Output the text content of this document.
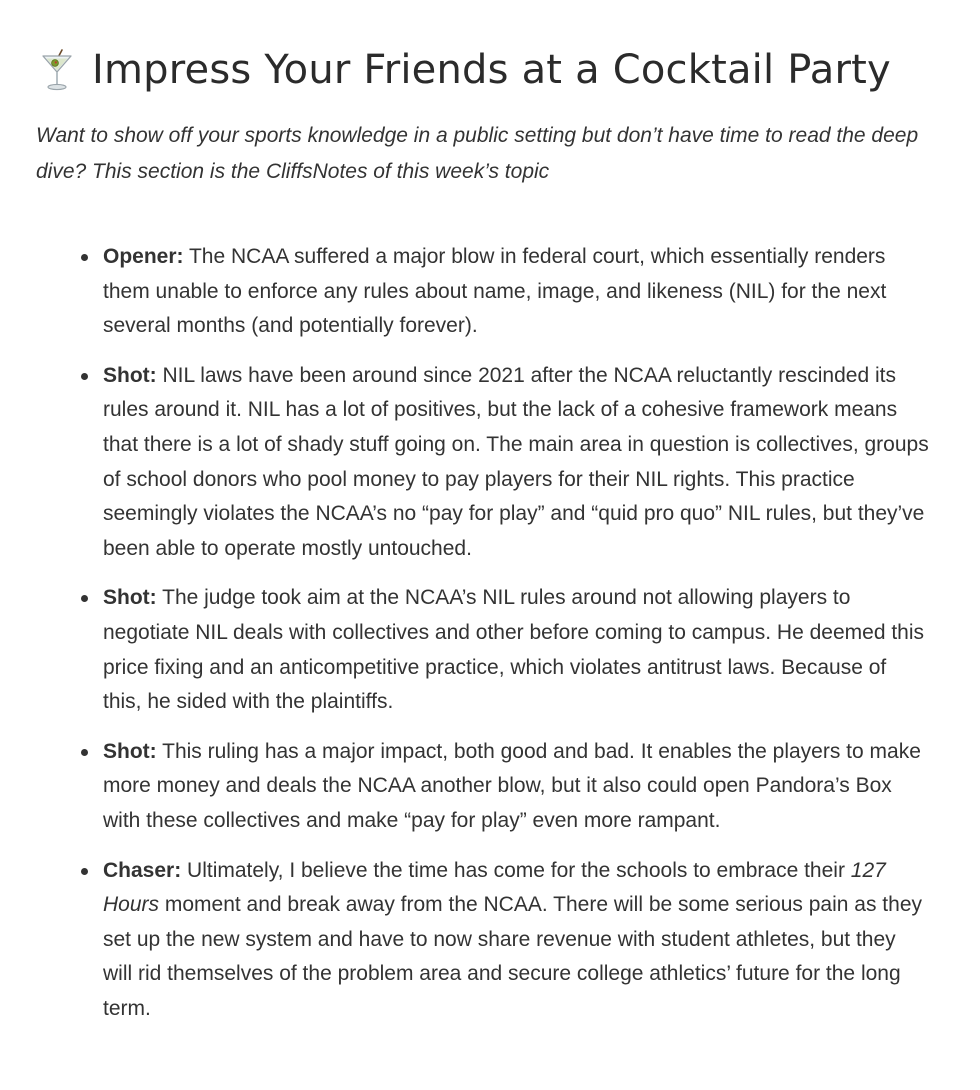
Impress Your Friends at a Cocktail Party

Want to show off your sports knowledge in a public setting but don’t have time to read the deep dive? This section is the CliffsNotes of this week’s topic

Opener: The NCAA suffered a major blow in federal court, which essentially renders them unable to enforce any rules about name, image, and likeness (NIL) for the next several months (and potentially forever).
Shot: NIL laws have been around since 2021 after the NCAA reluctantly rescinded its rules around it. NIL has a lot of positives, but the lack of a cohesive framework means that there is a lot of shady stuff going on. The main area in question is collectives, groups of school donors who pool money to pay players for their NIL rights. This practice seemingly violates the NCAA’s no “pay for play” and “quid pro quo” NIL rules, but they’ve been able to operate mostly untouched.
Shot: The judge took aim at the NCAA’s NIL rules around not allowing players to negotiate NIL deals with collectives and other before coming to campus. He deemed this price fixing and an anticompetitive practice, which violates antitrust laws. Because of this, he sided with the plaintiffs.
Shot: This ruling has a major impact, both good and bad. It enables the players to make more money and deals the NCAA another blow, but it also could open Pandora’s Box with these collectives and make “pay for play” even more rampant.
Chaser: Ultimately, I believe the time has come for the schools to embrace their 127 Hours moment and break away from the NCAA. There will be some serious pain as they set up the new system and have to now share revenue with student athletes, but they will rid themselves of the problem area and secure college athletics’ future for the long term.
